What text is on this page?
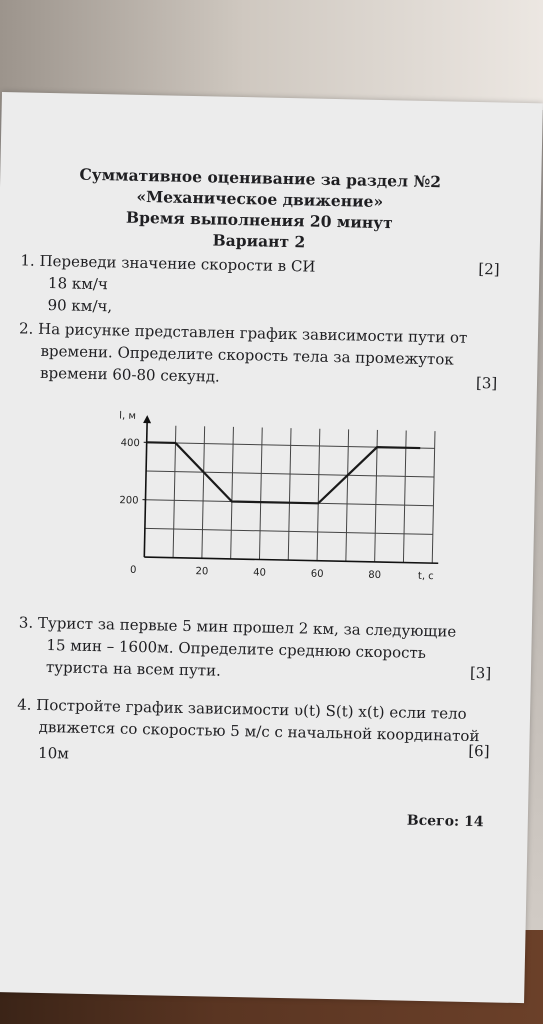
Суммативное оценивание за раздел №2
«Механическое движение»
Время выполнения 20 минут
Вариант 2
1. Переведи значение скорости в СИ	[2]
18 км/ч
90 км/ч,
2. На рисунке представлен график зависимости пути от
времени. Определите скорость тела за промежуток
времени 60-80 секунд.	[3]
0	20	40	60	80
400
200
l, м
t, с
3. Турист за первые 5 мин прошел 2 км, за следующие
15 мин – 1600м. Определите среднюю скорость
туриста на всем пути.	[3]
4. Постройте график зависимости υ(t) S(t) x(t) если тело
движется со скоростью 5 м/с с начальной координатой
10м	[6]
Всего: 14
